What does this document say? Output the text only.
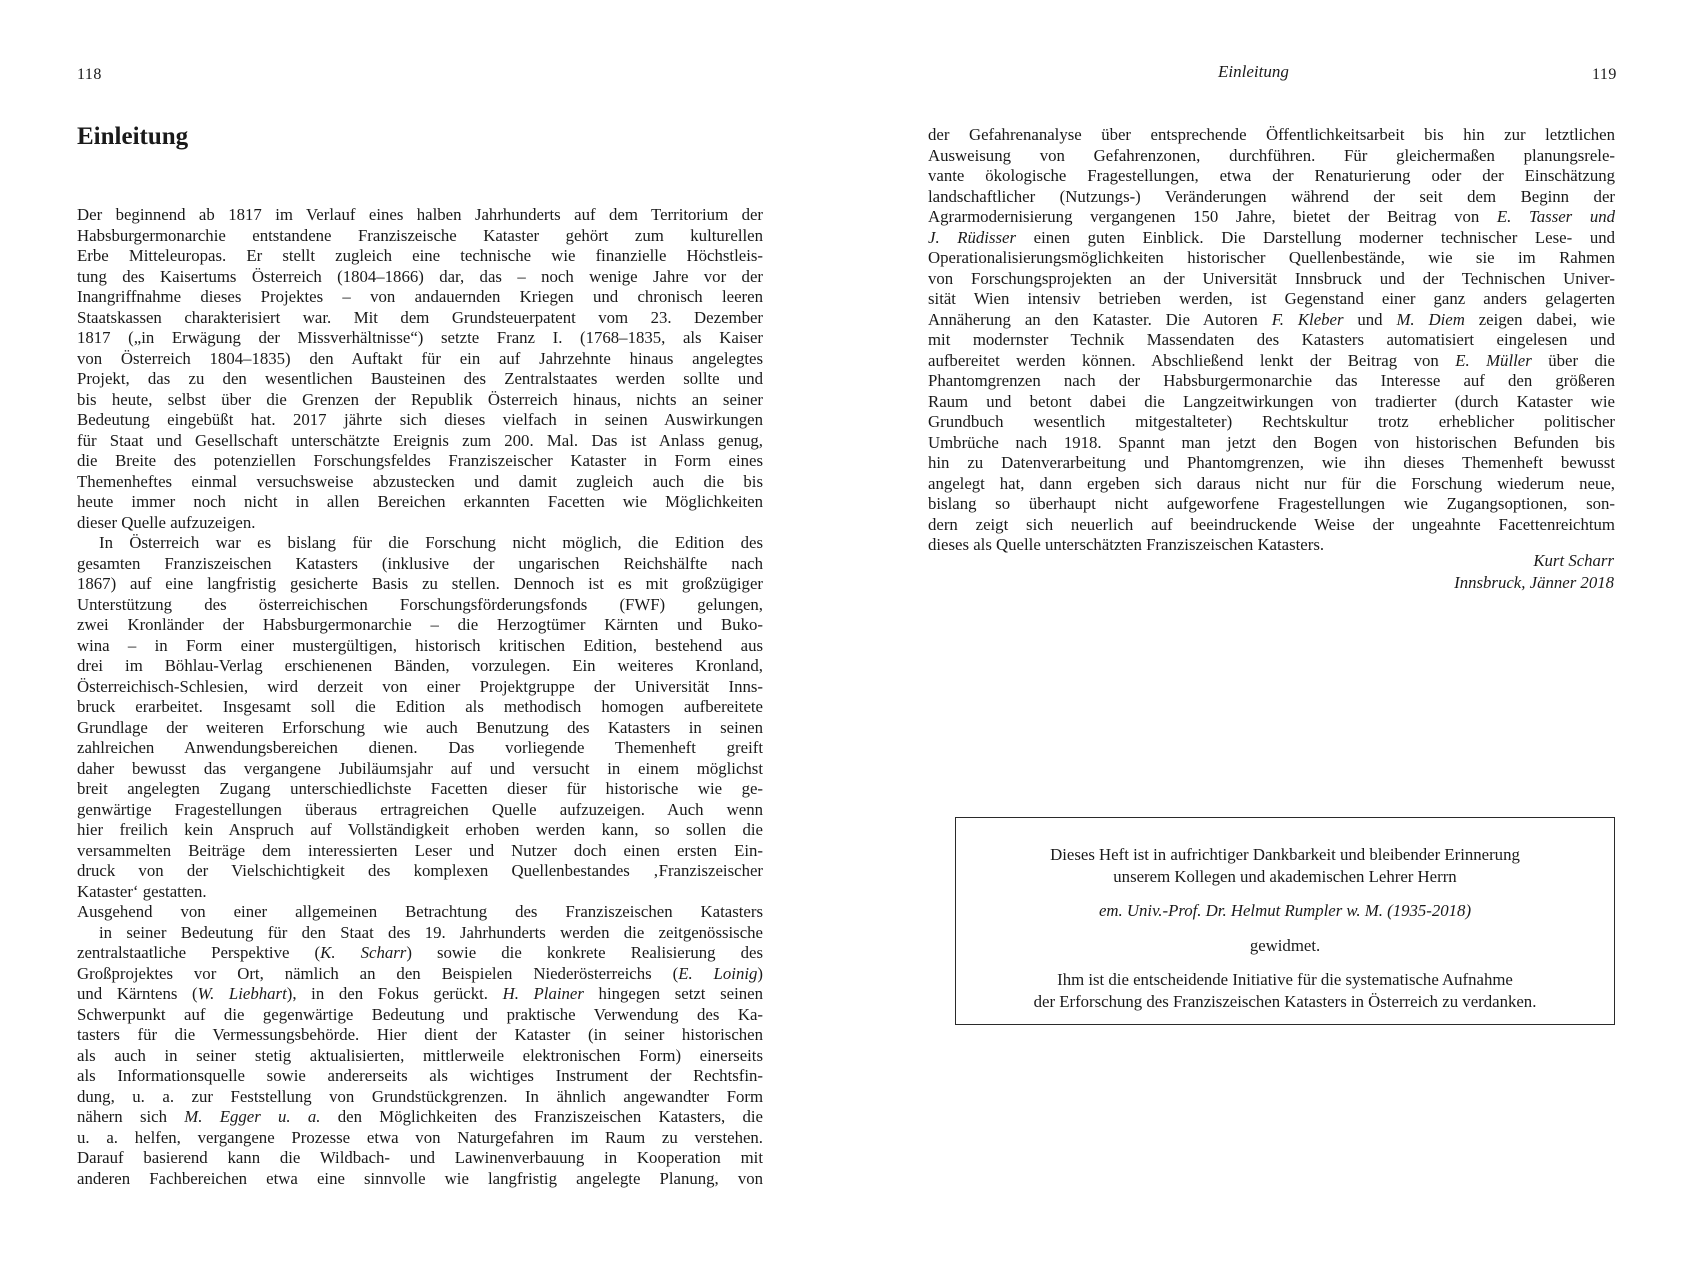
118
Einleitung
Der beginnend ab 1817 im Verlauf eines halben Jahrhunderts auf dem Territorium der
Habsburgermonarchie entstandene Franziszeische Kataster gehört zum kulturellen
Erbe Mitteleuropas. Er stellt zugleich eine technische wie finanzielle Höchstleis-
tung des Kaisertums Österreich (1804–1866) dar, das – noch wenige Jahre vor der
Inangriffnahme dieses Projektes – von andauernden Kriegen und chronisch leeren
Staatskassen charakterisiert war. Mit dem Grundsteuerpatent vom 23. Dezember
1817 („in Erwägung der Missverhältnisse“) setzte Franz I. (1768–1835, als Kaiser
von Österreich 1804–1835) den Auftakt für ein auf Jahrzehnte hinaus angelegtes
Projekt, das zu den wesentlichen Bausteinen des Zentralstaates werden sollte und
bis heute, selbst über die Grenzen der Republik Österreich hinaus, nichts an seiner
Bedeutung eingebüßt hat. 2017 jährte sich dieses vielfach in seinen Auswirkungen
für Staat und Gesellschaft unterschätzte Ereignis zum 200. Mal. Das ist Anlass genug,
die Breite des potenziellen Forschungsfeldes Franziszeischer Kataster in Form eines
Themenheftes einmal versuchsweise abzustecken und damit zugleich auch die bis
heute immer noch nicht in allen Bereichen erkannten Facetten wie Möglichkeiten
dieser Quelle aufzuzeigen.
In Österreich war es bislang für die Forschung nicht möglich, die Edition des
gesamten Franziszeischen Katasters (inklusive der ungarischen Reichshälfte nach
1867) auf eine langfristig gesicherte Basis zu stellen. Dennoch ist es mit großzügiger
Unterstützung des österreichischen Forschungsförderungsfonds (FWF) gelungen,
zwei Kronländer der Habsburgermonarchie – die Herzogtümer Kärnten und Buko-
wina – in Form einer mustergültigen, historisch kritischen Edition, bestehend aus
drei im Böhlau-Verlag erschienenen Bänden, vorzulegen. Ein weiteres Kronland,
Österreichisch-Schlesien, wird derzeit von einer Projektgruppe der Universität Inns-
bruck erarbeitet. Insgesamt soll die Edition als methodisch homogen aufbereitete
Grundlage der weiteren Erforschung wie auch Benutzung des Katasters in seinen
zahlreichen Anwendungsbereichen dienen. Das vorliegende Themenheft greift
daher bewusst das vergangene Jubiläumsjahr auf und versucht in einem möglichst
breit angelegten Zugang unterschiedlichste Facetten dieser für historische wie ge-
genwärtige Fragestellungen überaus ertragreichen Quelle aufzuzeigen. Auch wenn
hier freilich kein Anspruch auf Vollständigkeit erhoben werden kann, so sollen die
versammelten Beiträge dem interessierten Leser und Nutzer doch einen ersten Ein-
druck von der Vielschichtigkeit des komplexen Quellenbestandes ‚Franziszeischer
Kataster‘ gestatten.
Ausgehend von einer allgemeinen Betrachtung des Franziszeischen Katasters
in seiner Bedeutung für den Staat des 19. Jahrhunderts werden die zeitgenössische
zentralstaatliche Perspektive (K. Scharr) sowie die konkrete Realisierung des
Großprojektes vor Ort, nämlich an den Beispielen Niederösterreichs (E. Loinig)
und Kärntens (W. Liebhart), in den Fokus gerückt. H. Plainer hingegen setzt seinen
Schwerpunkt auf die gegenwärtige Bedeutung und praktische Verwendung des Ka-
tasters für die Vermessungsbehörde. Hier dient der Kataster (in seiner historischen
als auch in seiner stetig aktualisierten, mittlerweile elektronischen Form) einerseits
als Informationsquelle sowie andererseits als wichtiges Instrument der Rechtsfin-
dung, u. a. zur Feststellung von Grundstückgrenzen. In ähnlich angewandter Form
nähern sich M. Egger u. a. den Möglichkeiten des Franziszeischen Katasters, die
u. a. helfen, vergangene Prozesse etwa von Naturgefahren im Raum zu verstehen.
Darauf basierend kann die Wildbach- und Lawinenverbauung in Kooperation mit
anderen Fachbereichen etwa eine sinnvolle wie langfristig angelegte Planung, von
Einleitung	119
der Gefahrenanalyse über entsprechende Öffentlichkeitsarbeit bis hin zur letztlichen
Ausweisung von Gefahrenzonen, durchführen. Für gleichermaßen planungsrele-
vante ökologische Fragestellungen, etwa der Renaturierung oder der Einschätzung
landschaftlicher (Nutzungs-) Veränderungen während der seit dem Beginn der
Agrarmodernisierung vergangenen 150 Jahre, bietet der Beitrag von E. Tasser und
J. Rüdisser einen guten Einblick. Die Darstellung moderner technischer Lese- und
Operationalisierungsmöglichkeiten historischer Quellenbestände, wie sie im Rahmen
von Forschungsprojekten an der Universität Innsbruck und der Technischen Univer-
sität Wien intensiv betrieben werden, ist Gegenstand einer ganz anders gelagerten
Annäherung an den Kataster. Die Autoren F. Kleber und M. Diem zeigen dabei, wie
mit modernster Technik Massendaten des Katasters automatisiert eingelesen und
aufbereitet werden können. Abschließend lenkt der Beitrag von E. Müller über die
Phantomgrenzen nach der Habsburgermonarchie das Interesse auf den größeren
Raum und betont dabei die Langzeitwirkungen von tradierter (durch Kataster wie
Grundbuch wesentlich mitgestalteter) Rechtskultur trotz erheblicher politischer
Umbrüche nach 1918. Spannt man jetzt den Bogen von historischen Befunden bis
hin zu Datenverarbeitung und Phantomgrenzen, wie ihn dieses Themenheft bewusst
angelegt hat, dann ergeben sich daraus nicht nur für die Forschung wiederum neue,
bislang so überhaupt nicht aufgeworfene Fragestellungen wie Zugangsoptionen, son-
dern zeigt sich neuerlich auf beeindruckende Weise der ungeahnte Facettenreichtum
dieses als Quelle unterschätzten Franziszeischen Katasters.
Kurt Scharr
Innsbruck, Jänner 2018

Dieses Heft ist in aufrichtiger Dankbarkeit und bleibender Erinnerung

unserem Kollegen und akademischen Lehrer Herrn

em. Univ.-Prof. Dr. Helmut Rumpler w. M. (1935-2018)

gewidmet.

Ihm ist die entscheidende Initiative für die systematische Aufnahme

der Erforschung des Franziszeischen Katasters in Österreich zu verdanken.
